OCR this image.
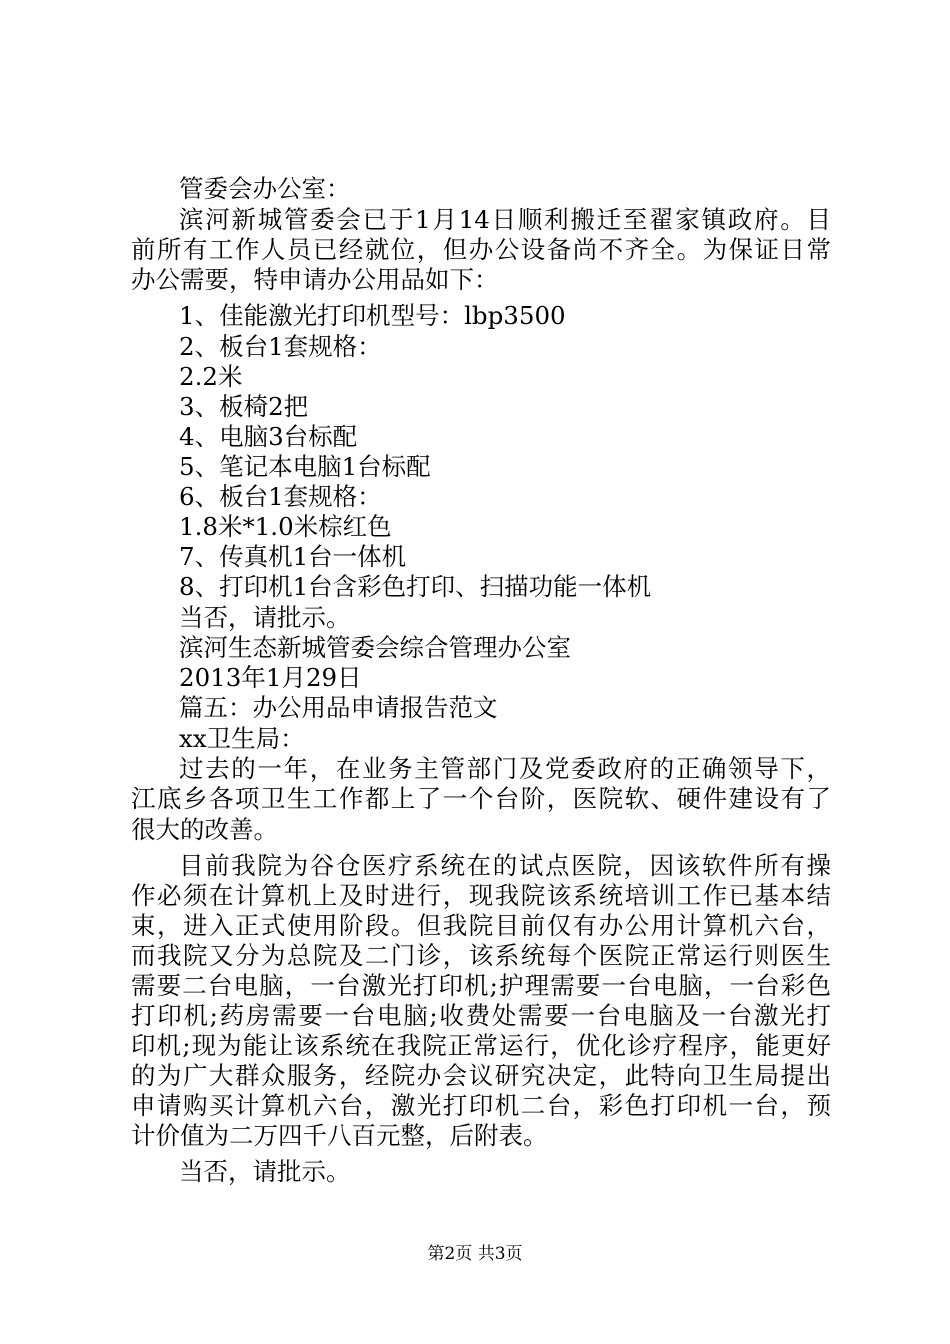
管委会办公室：
滨河新城管委会已于1月14日顺利搬迁至翟家镇政府。目
前所有工作人员已经就位，但办公设备尚不齐全。为保证日常
办公需要，特申请办公用品如下：
1、佳能激光打印机型号：lbp3500
2、板台1套规格：
2.2米
3、板椅2把
4、电脑3台标配
5、笔记本电脑1台标配
6、板台1套规格：
1.8米*1.0米棕红色
7、传真机1台一体机
8、打印机1台含彩色打印、扫描功能一体机
当否，请批示。
滨河生态新城管委会综合管理办公室
2013年1月29日
篇五：办公用品申请报告范文
xx卫生局：
过去的一年，在业务主管部门及党委政府的正确领导下，
江底乡各项卫生工作都上了一个台阶，医院软、硬件建设有了
很大的改善。
目前我院为谷仓医疗系统在的试点医院，因该软件所有操
作必须在计算机上及时进行，现我院该系统培训工作已基本结
束，进入正式使用阶段。但我院目前仅有办公用计算机六台，
而我院又分为总院及二门诊，该系统每个医院正常运行则医生
需要二台电脑，一台激光打印机;护理需要一台电脑，一台彩色
打印机;药房需要一台电脑;收费处需要一台电脑及一台激光打
印机;现为能让该系统在我院正常运行，优化诊疗程序，能更好
的为广大群众服务，经院办会议研究决定，此特向卫生局提出
申请购买计算机六台，激光打印机二台，彩色打印机一台，预
计价值为二万四千八百元整，后附表。
当否，请批示。
第2页 共3页
